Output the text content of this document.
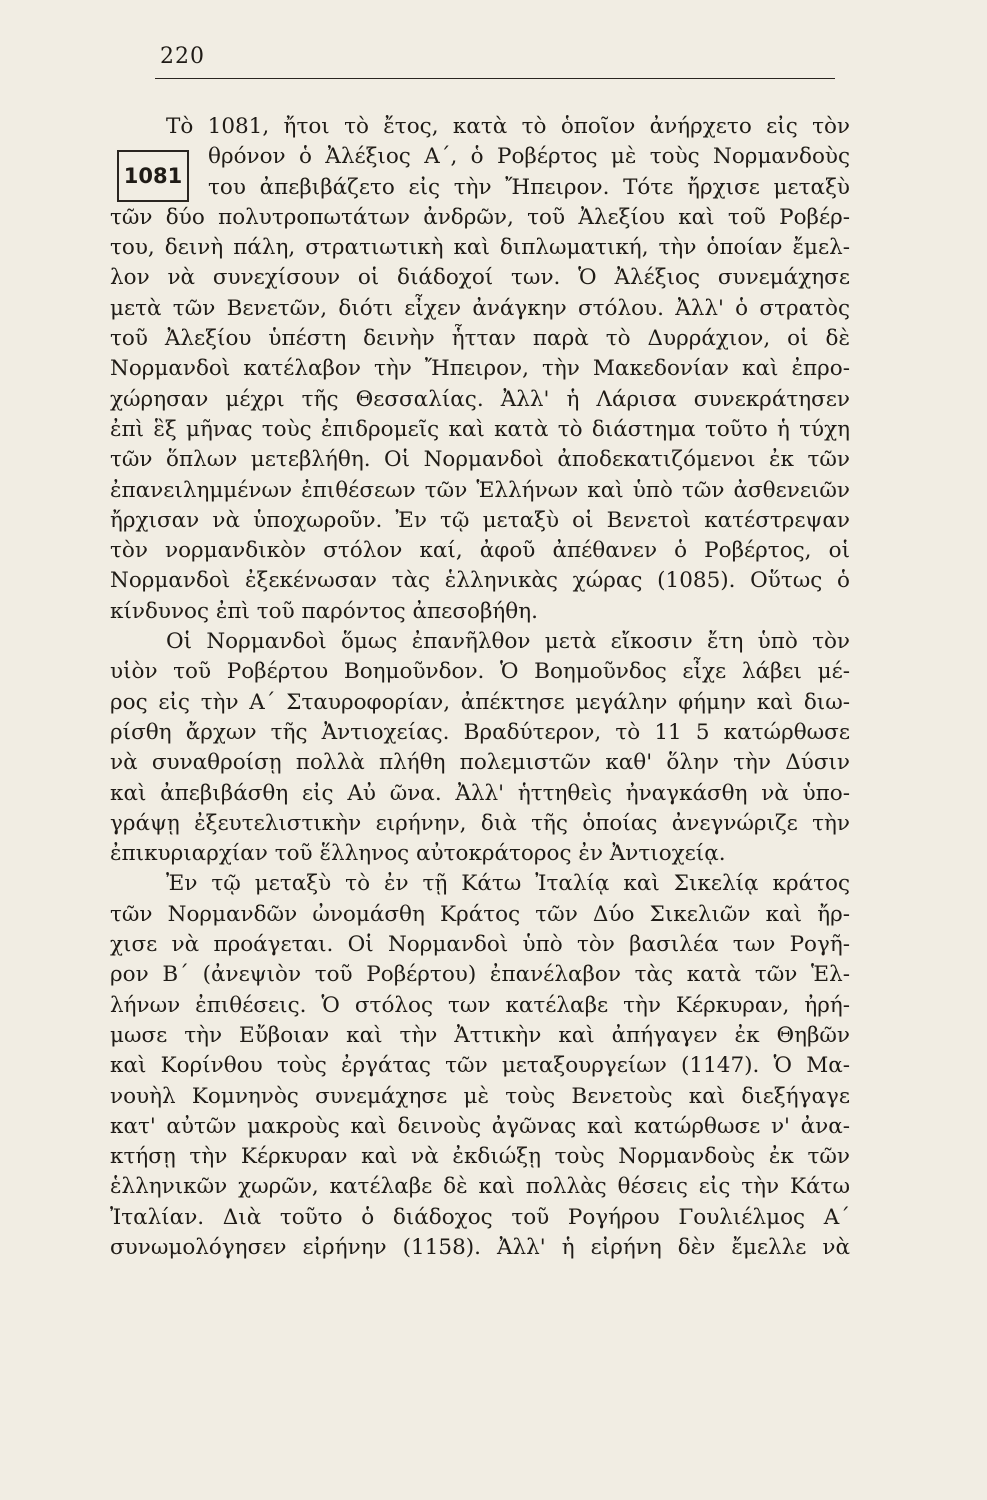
220
1081
Τὸ 1081, ἤτοι τὸ ἔτος, κατὰ τὸ ὁποῖον ἀνήρχετο εἰς τὸν
θρόνον ὁ Ἀλέξιος Α΄, ὁ Ροβέρτος μὲ τοὺς Νορμανδοὺς
του ἀπεβιβάζετο εἰς τὴν Ἤπειρον. Τότε ἤρχισε μεταξὺ
τῶν δύο πολυτροπωτάτων ἀνδρῶν, τοῦ Ἀλεξίου καὶ τοῦ Ροβέρ-
του, δεινὴ πάλη, στρατιωτικὴ καὶ διπλωματική, τὴν ὁποίαν ἔμελ-
λον νὰ συνεχίσουν οἱ διάδοχοί των. Ὁ Ἀλέξιος συνεμάχησε
μετὰ τῶν Βενετῶν, διότι εἶχεν ἀνάγκην στόλου. Ἀλλ' ὁ στρατὸς
τοῦ Ἀλεξίου ὑπέστη δεινὴν ἧτταν παρὰ τὸ Δυρράχιον, οἱ δὲ
Νορμανδοὶ κατέλαβον τὴν Ἤπειρον, τὴν Μακεδονίαν καὶ ἐπρο-
χώρησαν μέχρι τῆς Θεσσαλίας. Ἀλλ' ἡ Λάρισα συνεκράτησεν
ἐπὶ ἓξ μῆνας τοὺς ἐπιδρομεῖς καὶ κατὰ τὸ διάστημα τοῦτο ἡ τύχη
τῶν ὅπλων μετεβλήθη. Οἱ Νορμανδοὶ ἀποδεκατιζόμενοι ἐκ τῶν
ἐπανειλημμένων ἐπιθέσεων τῶν Ἑλλήνων καὶ ὑπὸ τῶν ἀσθενειῶν
ἤρχισαν νὰ ὑποχωροῦν. Ἐν τῷ μεταξὺ οἱ Βενετοὶ κατέστρεψαν
τὸν νορμανδικὸν στόλον καί, ἀφοῦ ἀπέθανεν ὁ Ροβέρτος, οἱ
Νορμανδοὶ ἐξεκένωσαν τὰς ἑλληνικὰς χώρας (1085). Οὕτως ὁ
κίνδυνος ἐπὶ τοῦ παρόντος ἀπεσοβήθη.
Οἱ Νορμανδοὶ ὅμως ἐπανῆλθον μετὰ εἴκοσιν ἔτη ὑπὸ τὸν
υἱὸν τοῦ Ροβέρτου Βοημοῦνδον. Ὁ Βοημοῦνδος εἶχε λάβει μέ-
ρος εἰς τὴν Α΄ Σταυροφορίαν, ἀπέκτησε μεγάλην φήμην καὶ διω-
ρίσθη ἄρχων τῆς Ἀντιοχείας. Βραδύτερον, τὸ 11 5 κατώρθωσε
νὰ συναθροίσῃ πολλὰ πλήθη πολεμιστῶν καθ' ὅλην τὴν Δύσιν
καὶ ἀπεβιβάσθη εἰς Αὐ ῶνα. Ἀλλ' ἡττηθεὶς ἠναγκάσθη νὰ ὑπο-
γράψῃ ἐξευτελιστικὴν ειρήνην, διὰ τῆς ὁποίας ἀνεγνώριζε τὴν
ἐπικυριαρχίαν τοῦ ἕλληνος αὐτοκράτορος ἐν Ἀντιοχείᾳ.
Ἐν τῷ μεταξὺ τὸ ἐν τῇ Κάτω Ἰταλίᾳ καὶ Σικελίᾳ κράτος
τῶν Νορμανδῶν ὠνομάσθη Κράτος τῶν Δύο Σικελιῶν καὶ ἤρ-
χισε νὰ προάγεται. Οἱ Νορμανδοὶ ὑπὸ τὸν βασιλέα των Ρογῆ-
ρον Β΄ (ἀνεψιὸν τοῦ Ροβέρτου) ἐπανέλαβον τὰς κατὰ τῶν Ἑλ-
λήνων ἐπιθέσεις. Ὁ στόλος των κατέλαβε τὴν Κέρκυραν, ἠρή-
μωσε τὴν Εὔβοιαν καὶ τὴν Ἀττικὴν καὶ ἀπήγαγεν ἐκ Θηβῶν
καὶ Κορίνθου τοὺς ἐργάτας τῶν μεταξουργείων (1147). Ὁ Μα-
νουὴλ Κομνηνὸς συνεμάχησε μὲ τοὺς Βενετοὺς καὶ διεξήγαγε
κατ' αὐτῶν μακροὺς καὶ δεινοὺς ἀγῶνας καὶ κατώρθωσε ν' ἀνα-
κτήσῃ τὴν Κέρκυραν καὶ νὰ ἐκδιώξῃ τοὺς Νορμανδοὺς ἐκ τῶν
ἑλληνικῶν χωρῶν, κατέλαβε δὲ καὶ πολλὰς θέσεις εἰς τὴν Κάτω
Ἰταλίαν. Διὰ τοῦτο ὁ διάδοχος τοῦ Ρογήρου Γουλιέλμος Α΄
συνωμολόγησεν εἰρήνην (1158). Ἀλλ' ἡ εἰρήνη δὲν ἔμελλε νὰ
